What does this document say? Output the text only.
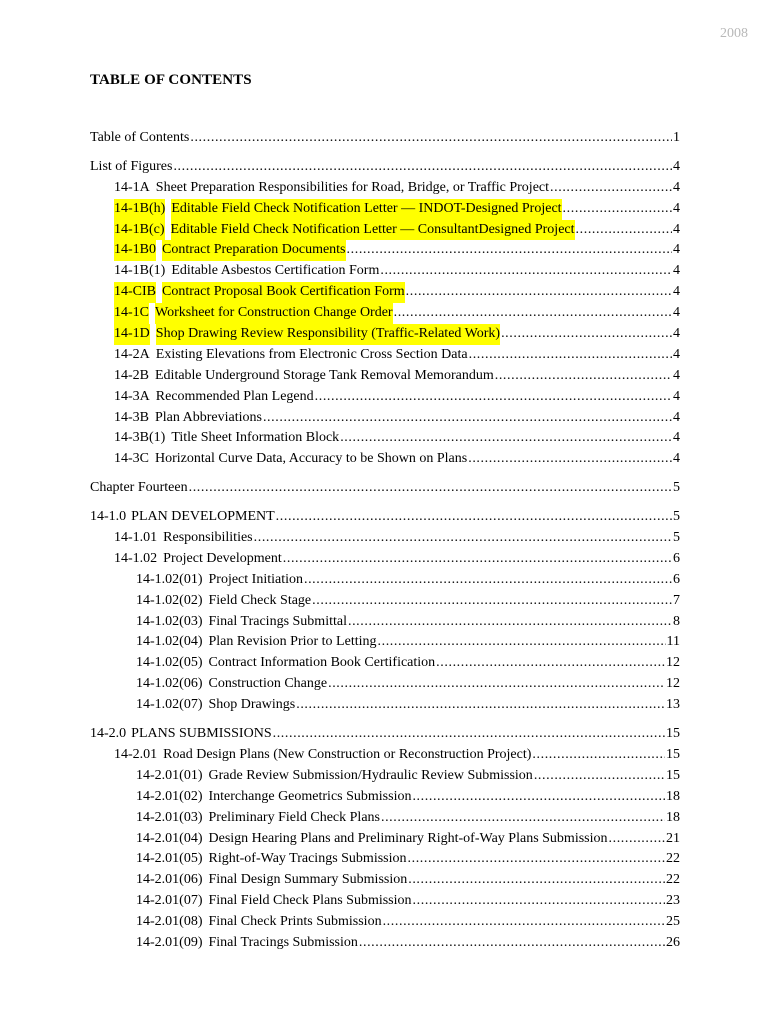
2008
TABLE OF CONTENTS
Table of Contents . . .	1
List of Figures . . .	4
14-1A Sheet Preparation Responsibilities for Road, Bridge, or Traffic Project . . .	4
14-1B(h) Editable Field Check Notification Letter — INDOT-Designed Project . . .	4
14-1B(c) Editable Field Check Notification Letter — ConsultantDesigned Project . . .	4
14-1B0 Contract Preparation Documents . . .	4
14-1B(1) Editable Asbestos Certification Form . . .	4
14-CIB Contract Proposal Book Certification Form . . .	4
14-1C Worksheet for Construction Change Order . . .	4
14-1D Shop Drawing Review Responsibility (Traffic-Related Work) . . .	4
14-2A Existing Elevations from Electronic Cross Section Data . . .	4
14-2B Editable Underground Storage Tank Removal Memorandum . . .	4
14-3A Recommended Plan Legend . . .	4
14-3B Plan Abbreviations . . .	4
14-3B(1) Title Sheet Information Block . . .	4
14-3C Horizontal Curve Data, Accuracy to be Shown on Plans . . .	4
Chapter Fourteen . . .	5
14-1.0 PLAN DEVELOPMENT . . .	5
14-1.01 Responsibilities . . .	5
14-1.02 Project Development . . .	6
14-1.02(01) Project Initiation . . .	6
14-1.02(02) Field Check Stage . . .	7
14-1.02(03) Final Tracings Submittal . . .	8
14-1.02(04) Plan Revision Prior to Letting . . .	11
14-1.02(05) Contract Information Book Certification . . .	12
14-1.02(06) Construction Change . . .	12
14-1.02(07) Shop Drawings . . .	13
14-2.0 PLANS SUBMISSIONS . . .	15
14-2.01 Road Design Plans (New Construction or Reconstruction Project) . . .	15
14-2.01(01) Grade Review Submission/Hydraulic Review Submission . . .	15
14-2.01(02) Interchange Geometrics Submission . . .	18
14-2.01(03) Preliminary Field Check Plans . . .	18
14-2.01(04) Design Hearing Plans and Preliminary Right-of-Way Plans Submission . . .	21
14-2.01(05) Right-of-Way Tracings Submission . . .	22
14-2.01(06) Final Design Summary Submission . . .	22
14-2.01(07) Final Field Check Plans Submission . . .	23
14-2.01(08) Final Check Prints Submission . . .	25
14-2.01(09) Final Tracings Submission . . .	26
